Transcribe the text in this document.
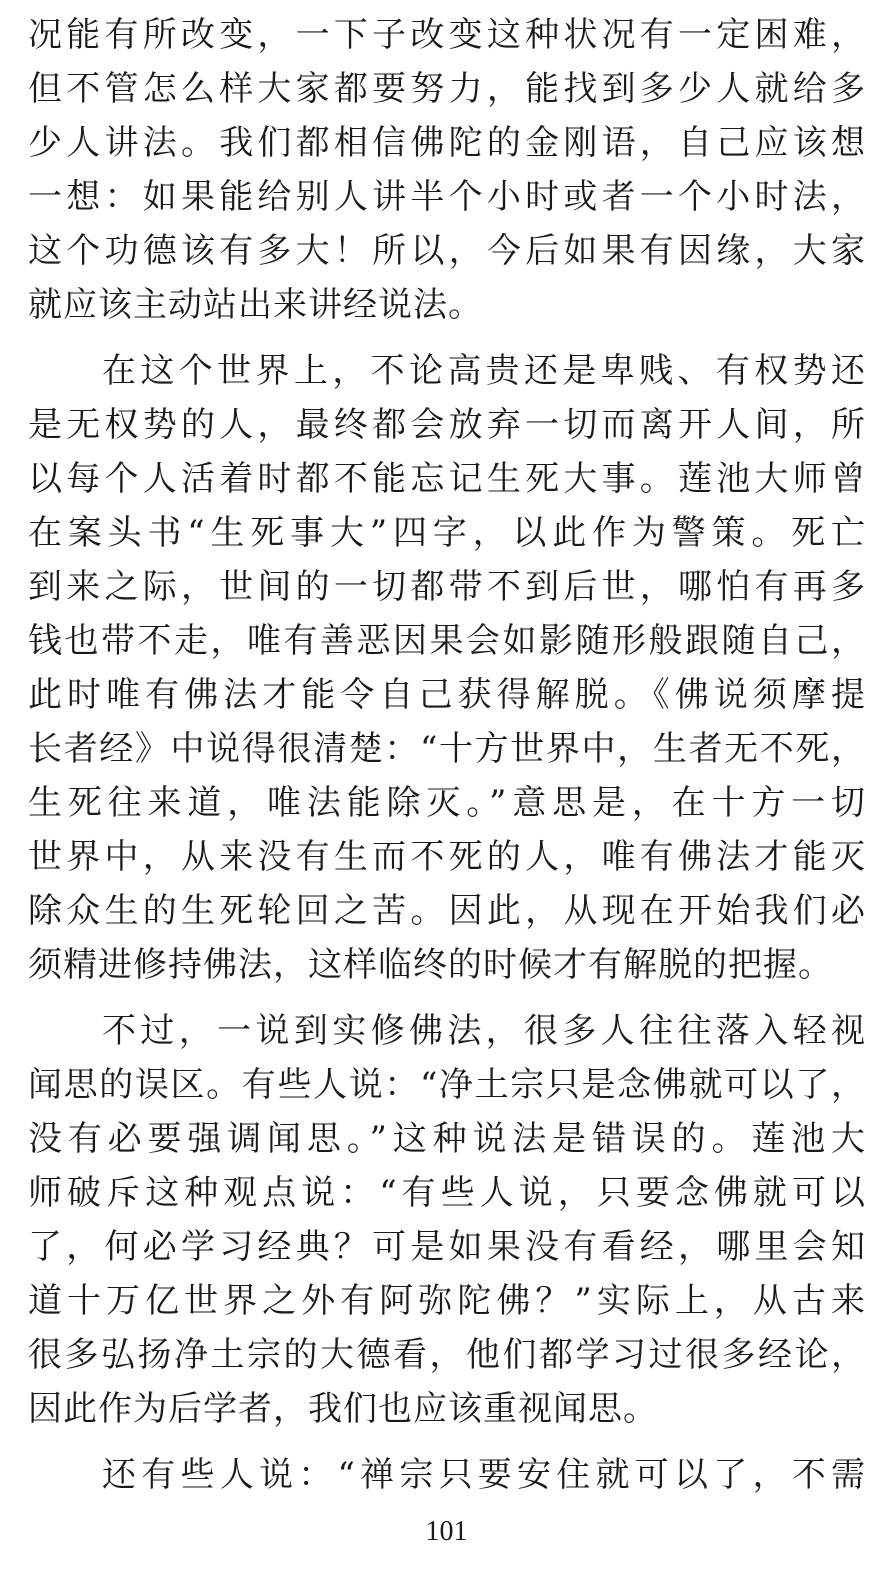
况能有所改变，一下子改变这种状况有一定困难，
但不管怎么样大家都要努力，能找到多少人就给多
少人讲法。我们都相信佛陀的金刚语，自己应该想
一想：如果能给别人讲半个小时或者一个小时法，
这个功德该有多大！所以，今后如果有因缘，大家
就应该主动站出来讲经说法。
在这个世界上，不论高贵还是卑贱、有权势还
是无权势的人，最终都会放弃一切而离开人间，所
以每个人活着时都不能忘记生死大事。莲池大师曾
在案头书“生死事大”四字，以此作为警策。死亡
到来之际，世间的一切都带不到后世，哪怕有再多
钱也带不走，唯有善恶因果会如影随形般跟随自己，
此时唯有佛法才能令自己获得解脱。《佛说须摩提
长者经》中说得很清楚：“十方世界中，生者无不死，
生死往来道，唯法能除灭。”意思是，在十方一切
世界中，从来没有生而不死的人，唯有佛法才能灭
除众生的生死轮回之苦。因此，从现在开始我们必
须精进修持佛法，这样临终的时候才有解脱的把握。
不过，一说到实修佛法，很多人往往落入轻视
闻思的误区。有些人说：“净土宗只是念佛就可以了，
没有必要强调闻思。”这种说法是错误的。莲池大
师破斥这种观点说：“有些人说，只要念佛就可以
了，何必学习经典？可是如果没有看经，哪里会知
道十万亿世界之外有阿弥陀佛？”实际上，从古来
很多弘扬净土宗的大德看，他们都学习过很多经论，
因此作为后学者，我们也应该重视闻思。
还有些人说：“禅宗只要安住就可以了，不需
101
